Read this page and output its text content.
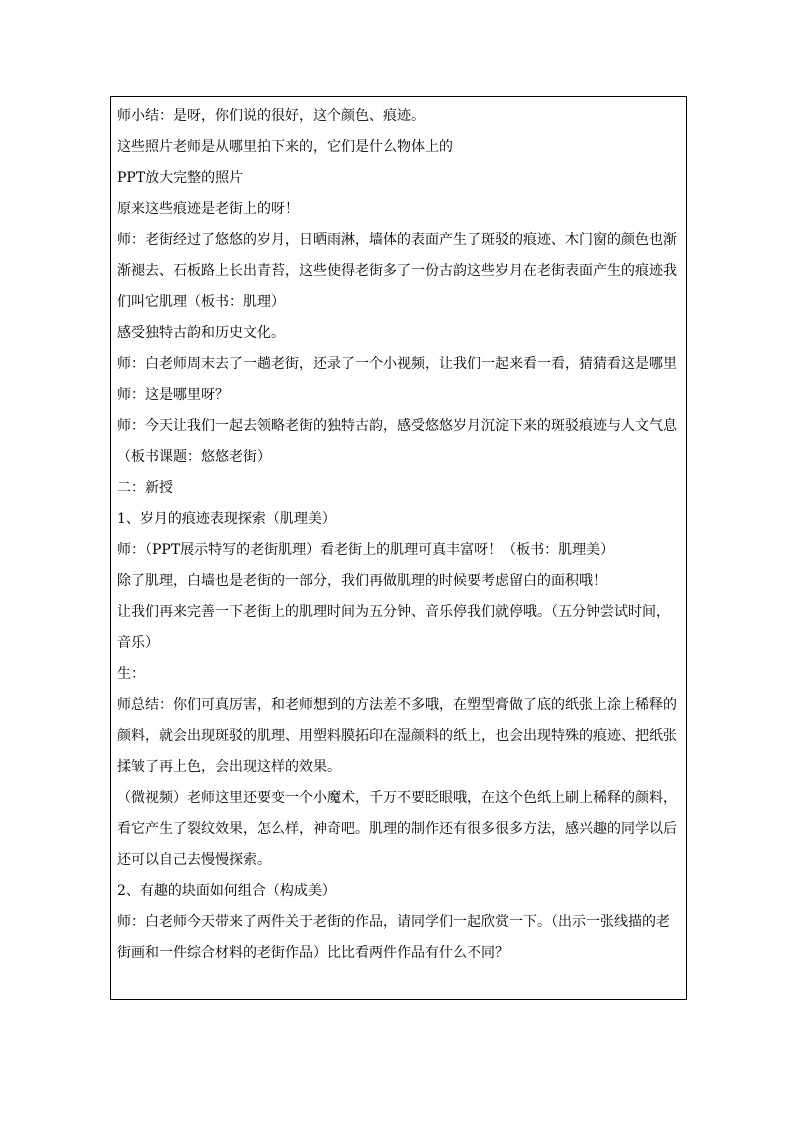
师小结：是呀，你们说的很好，这个颜色、痕迹。
这些照片老师是从哪里拍下来的，它们是什么物体上的
PPT放大完整的照片
原来这些痕迹是老街上的呀！
师：老街经过了悠悠的岁月，日晒雨淋，墙体的表面产生了斑驳的痕迹、木门窗的颜色也渐
渐褪去、石板路上长出青苔，这些使得老街多了一份古韵这些岁月在老街表面产生的痕迹我
们叫它肌理（板书：肌理）
感受独特古韵和历史文化。
师：白老师周末去了一趟老街，还录了一个小视频，让我们一起来看一看，猜猜看这是哪里
师：这是哪里呀？
师：今天让我们一起去领略老街的独特古韵，感受悠悠岁月沉淀下来的斑驳痕迹与人文气息
（板书课题：悠悠老街）
二：新授
1、岁月的痕迹表现探索（肌理美）
师：（PPT展示特写的老街肌理）看老街上的肌理可真丰富呀！（板书：肌理美）
除了肌理，白墙也是老街的一部分，我们再做肌理的时候要考虑留白的面积哦！
让我们再来完善一下老街上的肌理时间为五分钟、音乐停我们就停哦。（五分钟尝试时间，
音乐）
生：
师总结：你们可真厉害，和老师想到的方法差不多哦，在塑型膏做了底的纸张上涂上稀释的
颜料，就会出现斑驳的肌理、用塑料膜拓印在湿颜料的纸上，也会出现特殊的痕迹、把纸张
揉皱了再上色，会出现这样的效果。
（微视频）老师这里还要变一个小魔术，千万不要眨眼哦，在这个色纸上刷上稀释的颜料，
看它产生了裂纹效果，怎么样，神奇吧。肌理的制作还有很多很多方法，感兴趣的同学以后
还可以自己去慢慢探索。
2、有趣的块面如何组合（构成美）
师：白老师今天带来了两件关于老街的作品，请同学们一起欣赏一下。（出示一张线描的老
街画和一件综合材料的老街作品）比比看两件作品有什么不同？
